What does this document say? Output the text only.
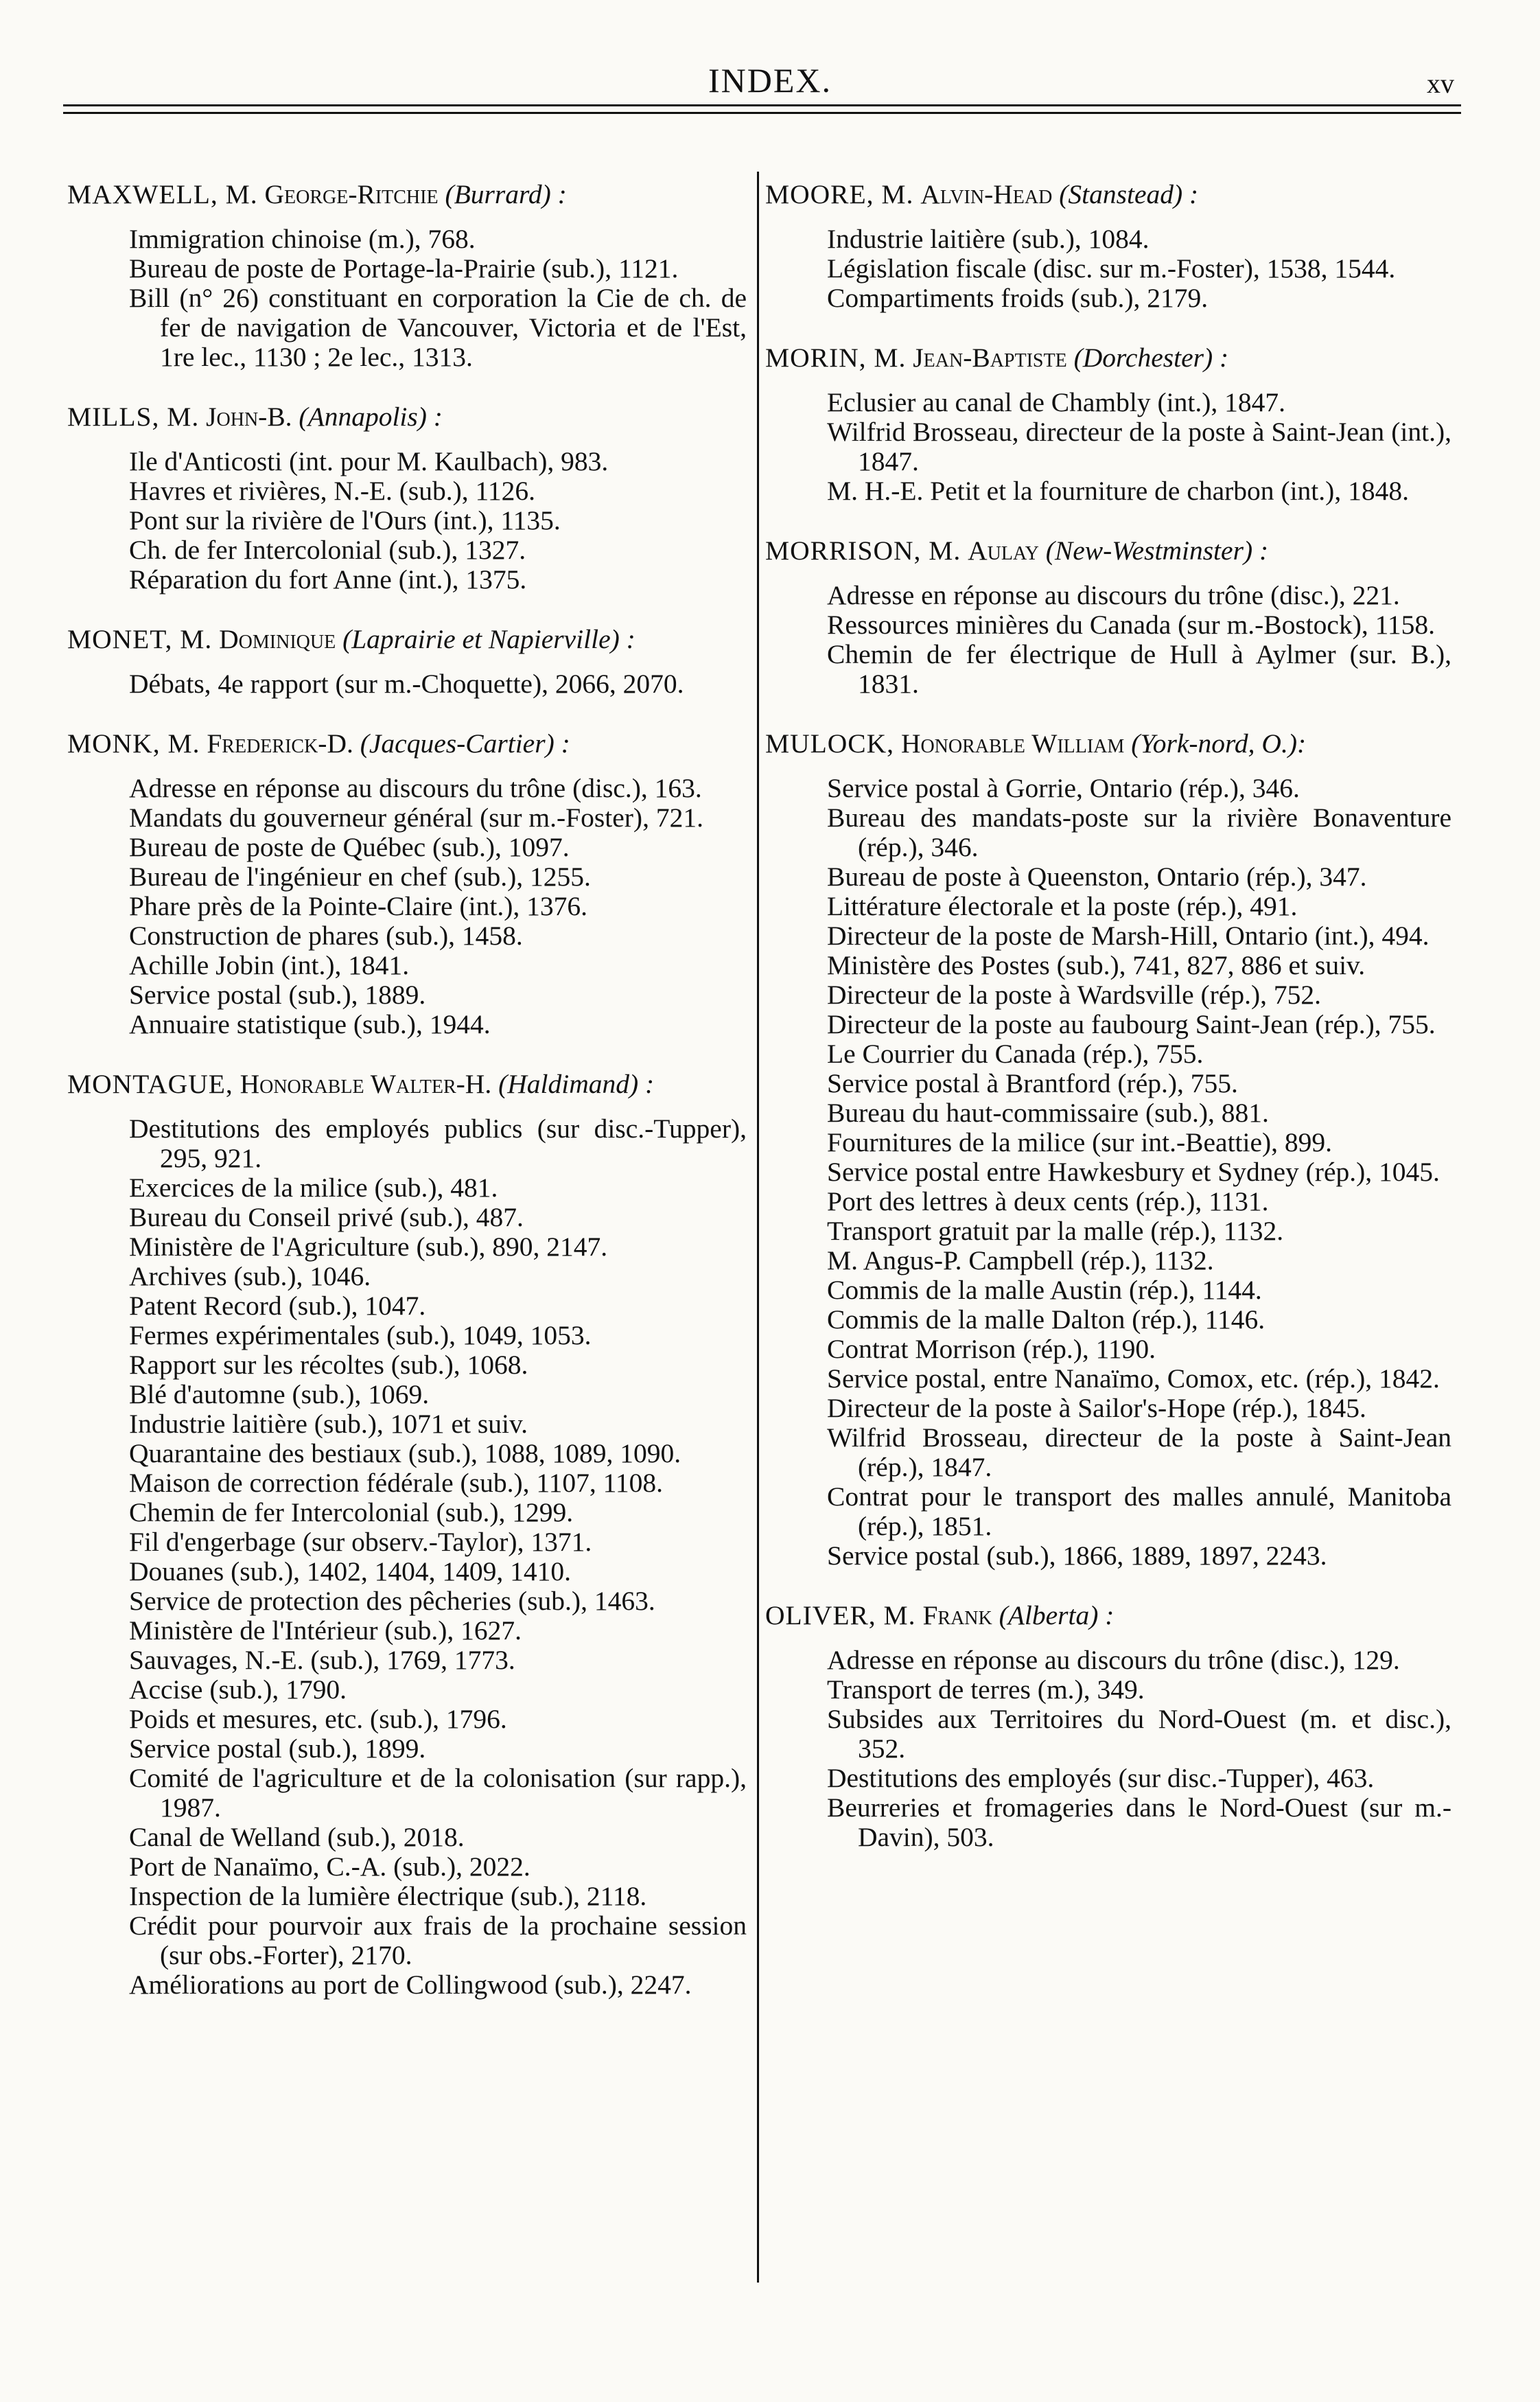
INDEX.	xv
MAXWELL, M. George-Ritchie (Burrard) :
Immigration chinoise (m.), 768.
Bureau de poste de Portage-la-Prairie (sub.), 1121.
Bill (n° 26) constituant en corporation la Cie de ch. de fer de navigation de Vancouver, Victoria et de l'Est, 1re lec., 1130 ; 2e lec., 1313.
MILLS, M. John-B. (Annapolis) :
Ile d'Anticosti (int. pour M. Kaulbach), 983.
Havres et rivières, N.-E. (sub.), 1126.
Pont sur la rivière de l'Ours (int.), 1135.
Ch. de fer Intercolonial (sub.), 1327.
Réparation du fort Anne (int.), 1375.
MONET, M. Dominique (Laprairie et Napierville) :
Débats, 4e rapport (sur m.-Choquette), 2066, 2070.
MONK, M. Frederick-D. (Jacques-Cartier) :
Adresse en réponse au discours du trône (disc.), 163.
Mandats du gouverneur général (sur m.-Foster), 721.
Bureau de poste de Québec (sub.), 1097.
Bureau de l'ingénieur en chef (sub.), 1255.
Phare près de la Pointe-Claire (int.), 1376.
Construction de phares (sub.), 1458.
Achille Jobin (int.), 1841.
Service postal (sub.), 1889.
Annuaire statistique (sub.), 1944.
MONTAGUE, Honorable Walter-H. (Haldimand) :
Destitutions des employés publics (sur disc.-Tupper), 295, 921.
Exercices de la milice (sub.), 481.
Bureau du Conseil privé (sub.), 487.
Ministère de l'Agriculture (sub.), 890, 2147.
Archives (sub.), 1046.
Patent Record (sub.), 1047.
Fermes expérimentales (sub.), 1049, 1053.
Rapport sur les récoltes (sub.), 1068.
Blé d'automne (sub.), 1069.
Industrie laitière (sub.), 1071 et suiv.
Quarantaine des bestiaux (sub.), 1088, 1089, 1090.
Maison de correction fédérale (sub.), 1107, 1108.
Chemin de fer Intercolonial (sub.), 1299.
Fil d'engerbage (sur observ.-Taylor), 1371.
Douanes (sub.), 1402, 1404, 1409, 1410.
Service de protection des pêcheries (sub.), 1463.
Ministère de l'Intérieur (sub.), 1627.
Sauvages, N.-E. (sub.), 1769, 1773.
Accise (sub.), 1790.
Poids et mesures, etc. (sub.), 1796.
Service postal (sub.), 1899.
Comité de l'agriculture et de la colonisation (sur rapp.), 1987.
Canal de Welland (sub.), 2018.
Port de Nanaïmo, C.-A. (sub.), 2022.
Inspection de la lumière électrique (sub.), 2118.
Crédit pour pourvoir aux frais de la prochaine session (sur obs.-Forter), 2170.
Améliorations au port de Collingwood (sub.), 2247.
MOORE, M. Alvin-Head (Stanstead) :
Industrie laitière (sub.), 1084.
Législation fiscale (disc. sur m.-Foster), 1538, 1544.
Compartiments froids (sub.), 2179.
MORIN, M. Jean-Baptiste (Dorchester) :
Eclusier au canal de Chambly (int.), 1847.
Wilfrid Brosseau, directeur de la poste à Saint-Jean (int.), 1847.
M. H.-E. Petit et la fourniture de charbon (int.), 1848.
MORRISON, M. Aulay (New-Westminster) :
Adresse en réponse au discours du trône (disc.), 221.
Ressources minières du Canada (sur m.-Bostock), 1158.
Chemin de fer électrique de Hull à Aylmer (sur. B.), 1831.
MULOCK, Honorable William (York-nord, O.):
Service postal à Gorrie, Ontario (rép.), 346.
Bureau des mandats-poste sur la rivière Bonaventure (rép.), 346.
Bureau de poste à Queenston, Ontario (rép.), 347.
Littérature électorale et la poste (rép.), 491.
Directeur de la poste de Marsh-Hill, Ontario (int.), 494.
Ministère des Postes (sub.), 741, 827, 886 et suiv.
Directeur de la poste à Wardsville (rép.), 752.
Directeur de la poste au faubourg Saint-Jean (rép.), 755.
Le Courrier du Canada (rép.), 755.
Service postal à Brantford (rép.), 755.
Bureau du haut-commissaire (sub.), 881.
Fournitures de la milice (sur int.-Beattie), 899.
Service postal entre Hawkesbury et Sydney (rép.), 1045.
Port des lettres à deux cents (rép.), 1131.
Transport gratuit par la malle (rép.), 1132.
M. Angus-P. Campbell (rép.), 1132.
Commis de la malle Austin (rép.), 1144.
Commis de la malle Dalton (rép.), 1146.
Contrat Morrison (rép.), 1190.
Service postal, entre Nanaïmo, Comox, etc. (rép.), 1842.
Directeur de la poste à Sailor's-Hope (rép.), 1845.
Wilfrid Brosseau, directeur de la poste à Saint-Jean (rép.), 1847.
Contrat pour le transport des malles annulé, Manitoba (rép.), 1851.
Service postal (sub.), 1866, 1889, 1897, 2243.
OLIVER, M. Frank (Alberta) :
Adresse en réponse au discours du trône (disc.), 129.
Transport de terres (m.), 349.
Subsides aux Territoires du Nord-Ouest (m. et disc.), 352.
Destitutions des employés (sur disc.-Tupper), 463.
Beurreries et fromageries dans le Nord-Ouest (sur m.-Davin), 503.
